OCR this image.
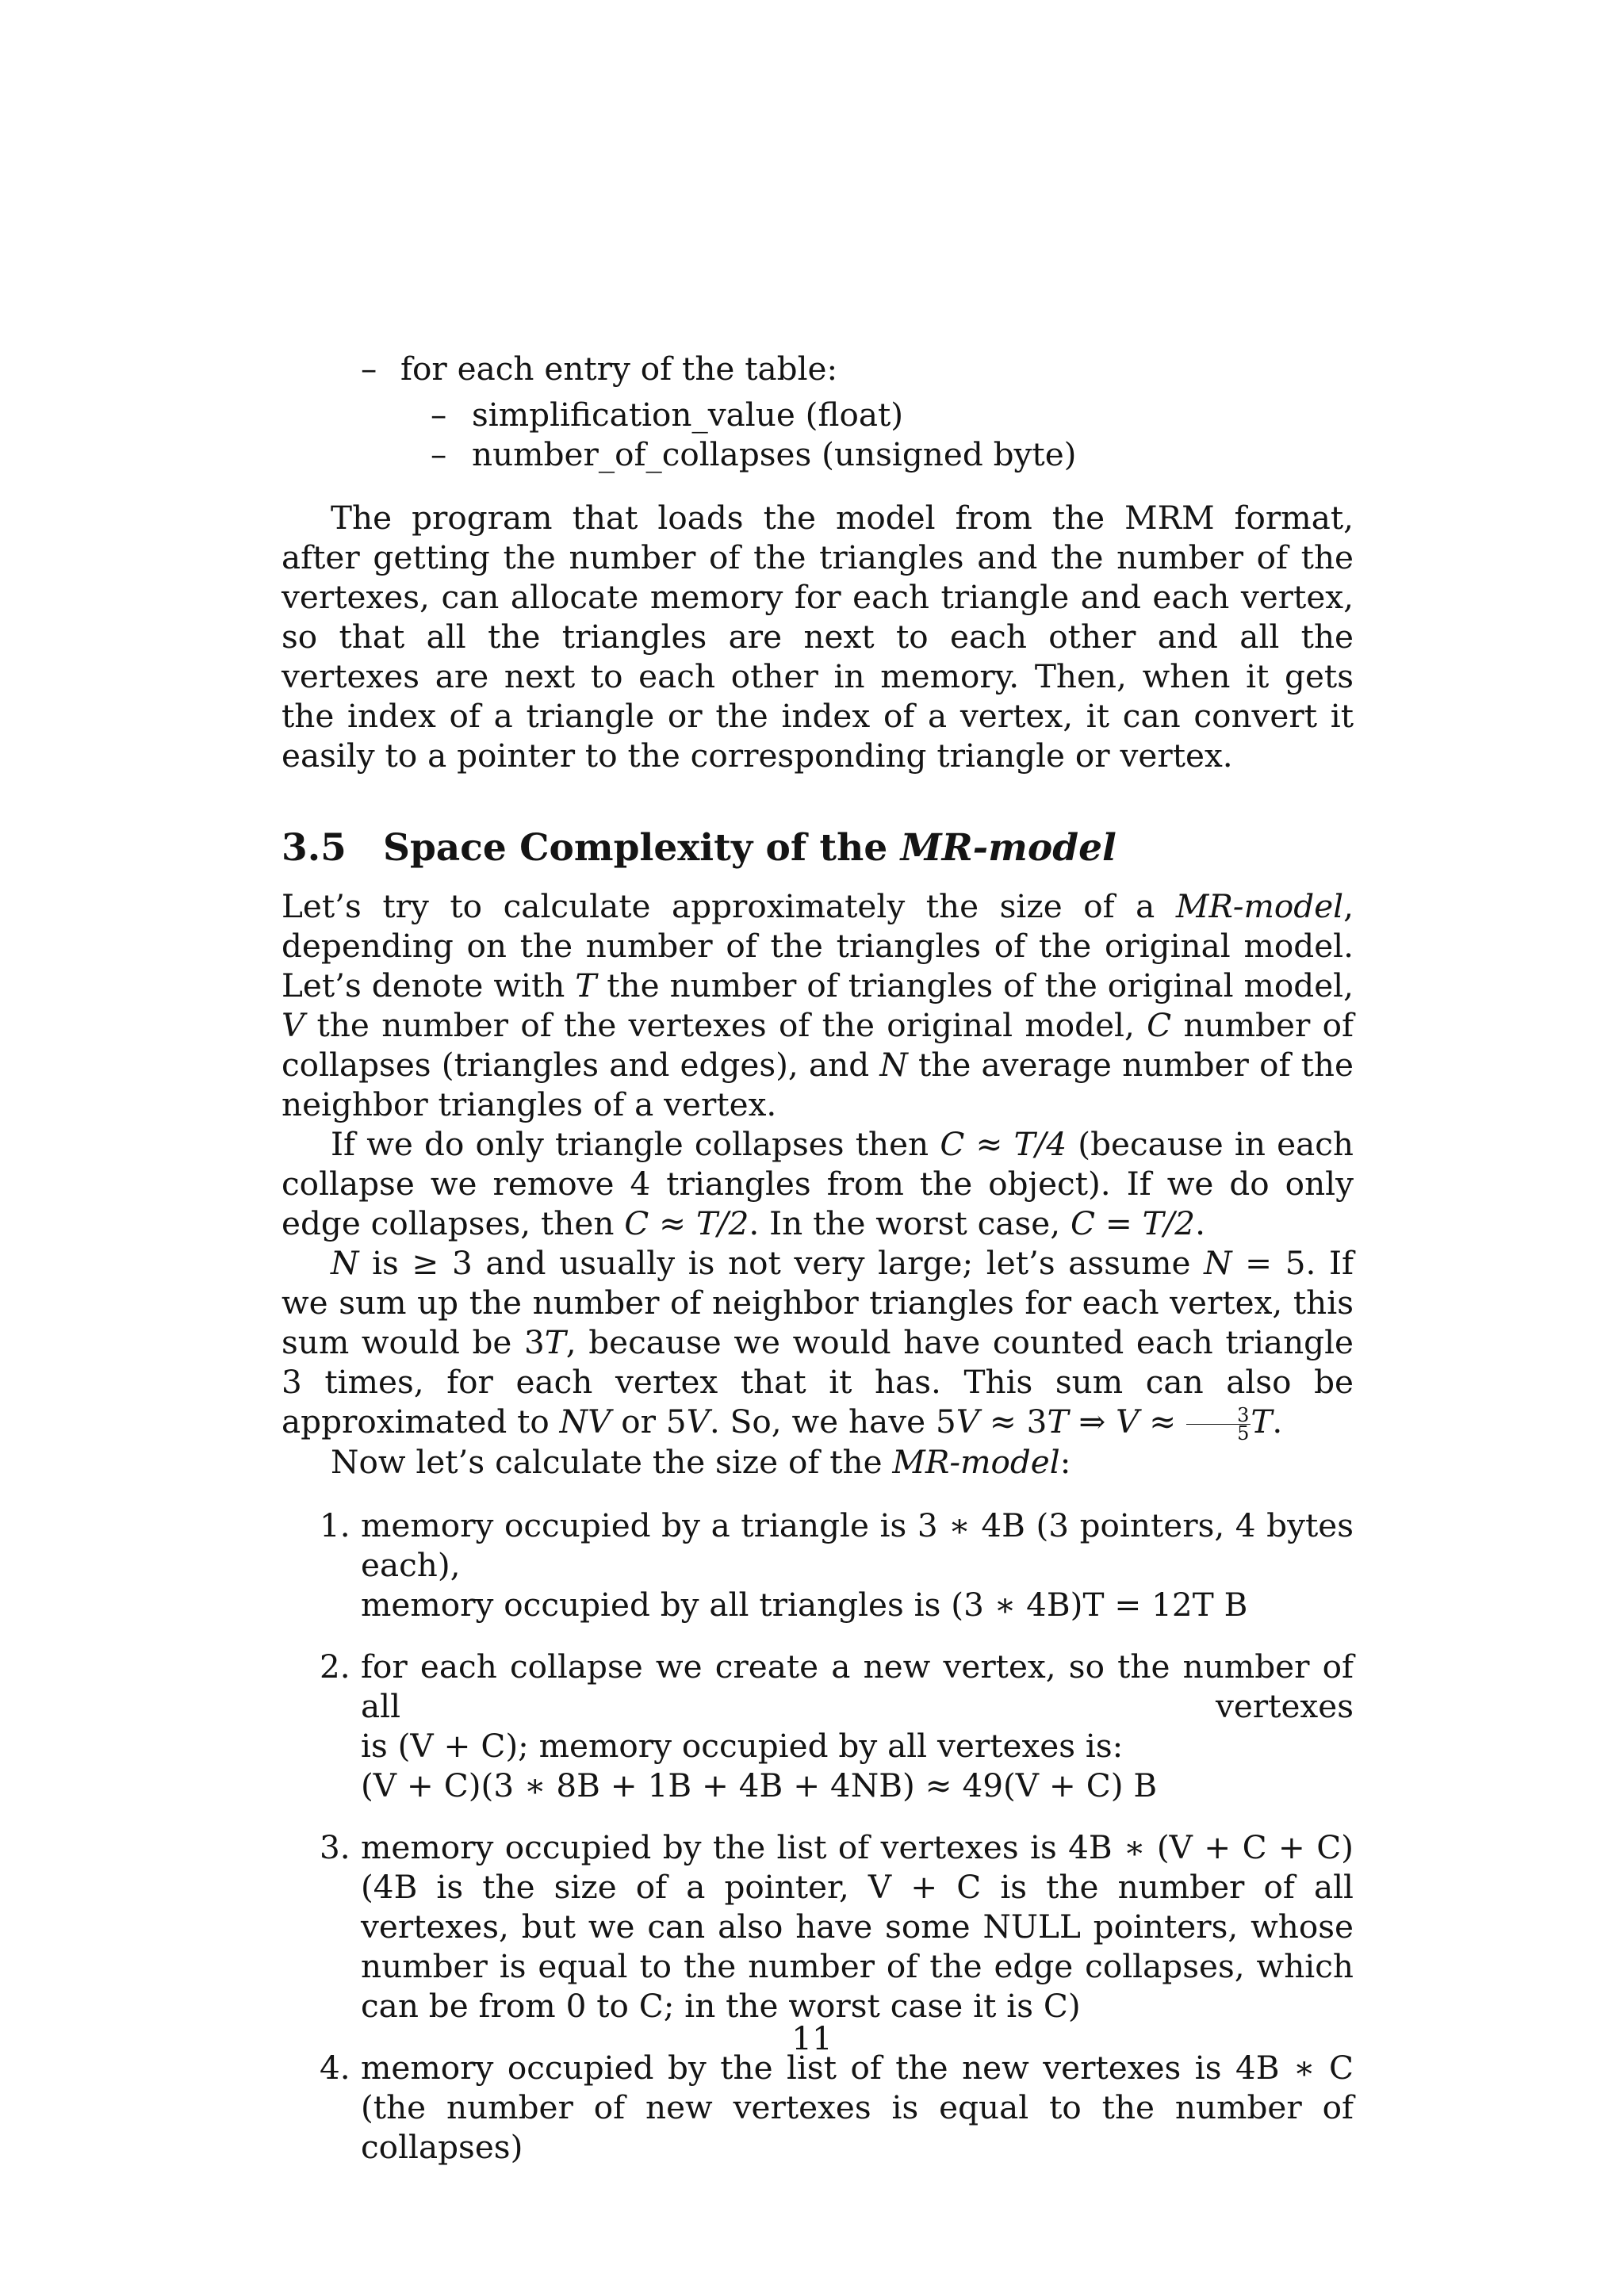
– for each entry of the table:
– simplification_value (float)
– number_of_collapses (unsigned byte)

The program that loads the model from the MRM format, after getting the number of the triangles and the number of the vertexes, can allocate memory for each triangle and each vertex, so that all the triangles are next to each other and all the vertexes are next to each other in memory. Then, when it gets the index of a triangle or the index of a vertex, it can convert it easily to a pointer to the corresponding triangle or vertex.

3.5 Space Complexity of the MR-model

Let’s try to calculate approximately the size of a MR-model, depending on the number of the triangles of the original model. Let’s denote with T the number of triangles of the original model, V the number of the vertexes of the original model, C number of collapses (triangles and edges), and N the average number of the neighbor triangles of a vertex.

If we do only triangle collapses then C ≈ T/4 (because in each collapse we remove 4 triangles from the object). If we do only edge collapses, then C ≈ T/2. In the worst case, C = T/2.

N is ≥ 3 and usually is not very large; let’s assume N = 5. If we sum up the number of neighbor triangles for each vertex, this sum would be 3T, because we would have counted each triangle 3 times, for each vertex that it has. This sum can also be approximated to NV or 5V. So, we have 5V ≈ 3T ⇒ $V \approx \frac{3}{5} T$.

Now let’s calculate the size of the MR-model:

1. memory occupied by a triangle is 3 ∗ 4B (3 pointers, 4 bytes each),
memory occupied by all triangles is (3 ∗ 4B)T = 12T B
2. for each collapse we create a new vertex, so the number of all vertexes
is (V + C); memory occupied by all vertexes is:
(V + C)(3 ∗ 8B + 1B + 4B + 4NB) ≈ 49(V + C) B
3. memory occupied by the list of vertexes is 4B ∗ (V + C + C) (4B is the size of a pointer, V + C is the number of all vertexes, but we can also have some NULL pointers, whose number is equal to the number of the edge collapses, which can be from 0 to C; in the worst case it is C)
4. memory occupied by the list of the new vertexes is 4B ∗ C (the number of new vertexes is equal to the number of collapses)
11
